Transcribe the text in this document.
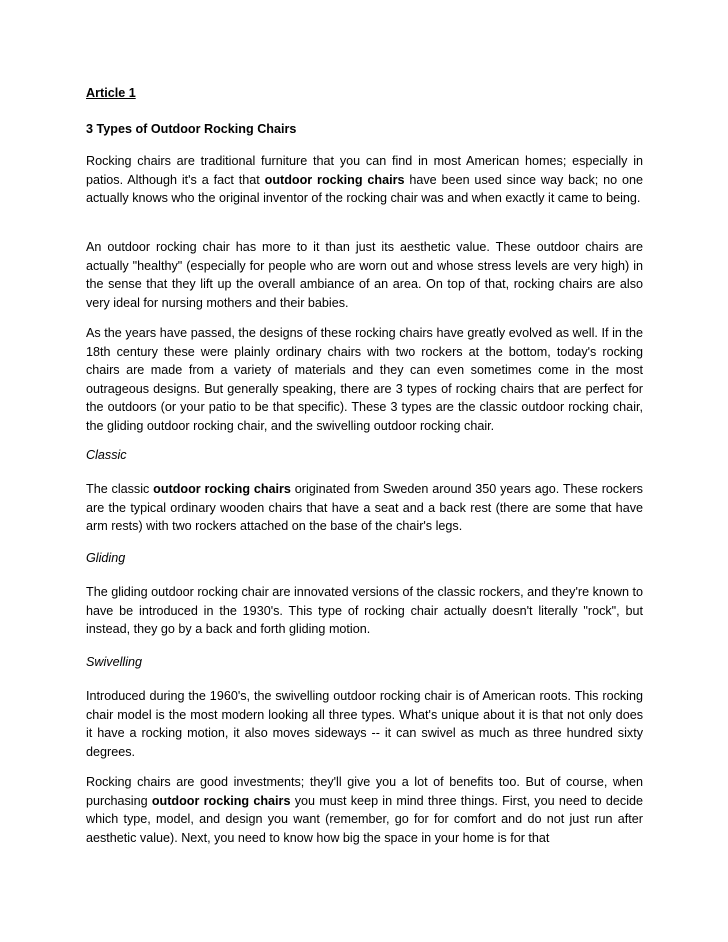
Article 1

3 Types of Outdoor Rocking Chairs

Rocking chairs are traditional furniture that you can find in most American homes; especially in patios. Although it's a fact that outdoor rocking chairs have been used since way back; no one actually knows who the original inventor of the rocking chair was and when exactly it came to being.

An outdoor rocking chair has more to it than just its aesthetic value. These outdoor chairs are actually "healthy" (especially for people who are worn out and whose stress levels are very high) in the sense that they lift up the overall ambiance of an area. On top of that, rocking chairs are also very ideal for nursing mothers and their babies.

As the years have passed, the designs of these rocking chairs have greatly evolved as well. If in the 18th century these were plainly ordinary chairs with two rockers at the bottom, today's rocking chairs are made from a variety of materials and they can even sometimes come in the most outrageous designs. But generally speaking, there are 3 types of rocking chairs that are perfect for the outdoors (or your patio to be that specific). These 3 types are the classic outdoor rocking chair, the gliding outdoor rocking chair, and the swivelling outdoor rocking chair.

Classic

The classic outdoor rocking chairs originated from Sweden around 350 years ago. These rockers are the typical ordinary wooden chairs that have a seat and a back rest (there are some that have arm rests) with two rockers attached on the base of the chair's legs.

Gliding

The gliding outdoor rocking chair are innovated versions of the classic rockers, and they're known to have be introduced in the 1930's. This type of rocking chair actually doesn't literally "rock", but instead, they go by a back and forth gliding motion.

Swivelling

Introduced during the 1960's, the swivelling outdoor rocking chair is of American roots. This rocking chair model is the most modern looking all three types. What's unique about it is that not only does it have a rocking motion, it also moves sideways -- it can swivel as much as three hundred sixty degrees.

Rocking chairs are good investments; they'll give you a lot of benefits too. But of course, when purchasing outdoor rocking chairs you must keep in mind three things. First, you need to decide which type, model, and design you want (remember, go for for comfort and do not just run after aesthetic value). Next, you need to know how big the space in your home is for that
